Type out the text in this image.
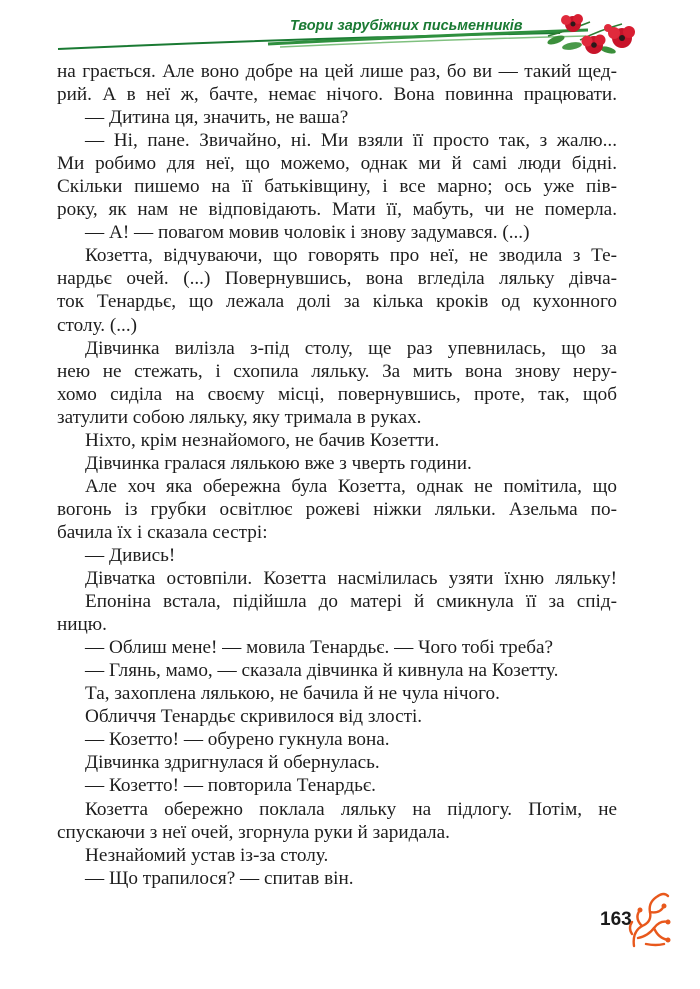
Твори зарубіжних письменників
на грається. Але воно добре на цей лише раз, бо ви — такий щед-
рий. А в неї ж, бачте, немає нічого. Вона повинна працювати.
— Дитина ця, значить, не ваша?
— Ні, пане. Звичайно, ні. Ми взяли її просто так, з жалю...
Ми робимо для неї, що можемо, однак ми й самі люди бідні.
Скільки пишемо на її батьківщину, і все марно; ось уже пів-
року, як нам не відповідають. Мати її, мабуть, чи не померла.
— А! — повагом мовив чоловік і знову задумався. (...)
Козетта, відчуваючи, що говорять про неї, не зводила з Те-
нардьє очей. (...) Повернувшись, вона вгледіла ляльку дівча-
ток Тенардьє, що лежала долі за кілька кроків од кухонного
столу. (...)
Дівчинка вилізла з-під столу, ще раз упевнилась, що за
нею не стежать, і схопила ляльку. За мить вона знову неру-
хомо сиділа на своєму місці, повернувшись, проте, так, щоб
затулити собою ляльку, яку тримала в руках.
Ніхто, крім незнайомого, не бачив Козетти.
Дівчинка гралася лялькою вже з чверть години.
Але хоч яка обережна була Козетта, однак не помітила, що
вогонь із грубки освітлює рожеві ніжки ляльки. Азельма по-
бачила їх і сказала сестрі:
— Дивись!
Дівчатка остовпіли. Козетта насмілилась узяти їхню ляльку!
Епоніна встала, підійшла до матері й смикнула її за спід-
ницю.
— Облиш мене! — мовила Тенардьє. — Чого тобі треба?
— Глянь, мамо, — сказала дівчинка й кивнула на Козетту.
Та, захоплена лялькою, не бачила й не чула нічого.
Обличчя Тенардьє скривилося від злості.
— Козетто! — обурено гукнула вона.
Дівчинка здригнулася й обернулась.
— Козетто! — повторила Тенардьє.
Козетта обережно поклала ляльку на підлогу. Потім, не
спускаючи з неї очей, згорнула руки й заридала.
Незнайомий устав із-за столу.
— Що трапилося? — спитав він.
163
